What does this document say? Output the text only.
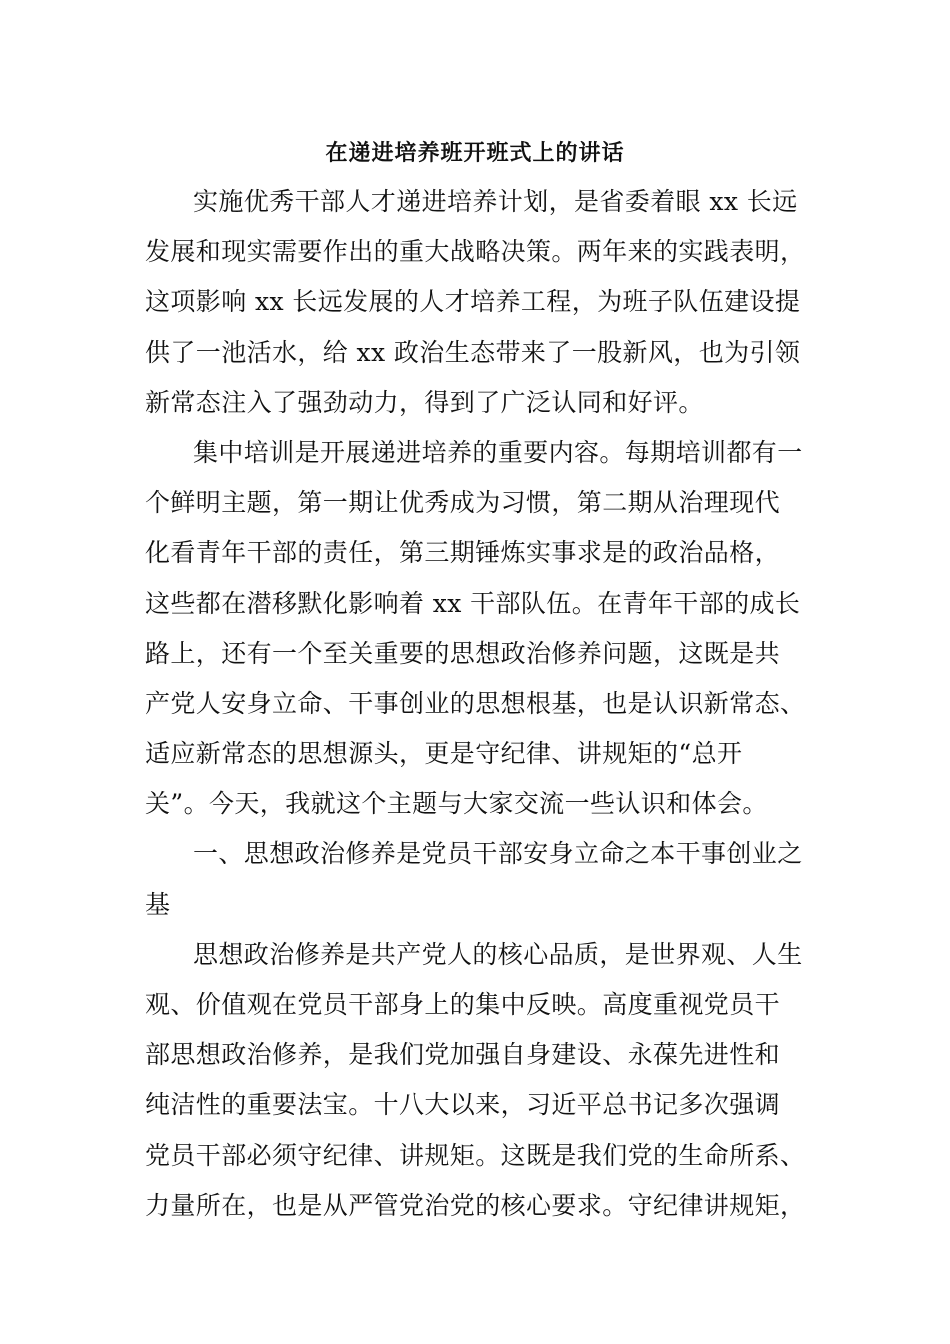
在递进培养班开班式上的讲话
实施优秀干部人才递进培养计划，是省委着眼 xx 长远
发展和现实需要作出的重大战略决策。两年来的实践表明，
这项影响 xx 长远发展的人才培养工程，为班子队伍建设提
供了一池活水，给 xx 政治生态带来了一股新风，也为引领
新常态注入了强劲动力，得到了广泛认同和好评。
集中培训是开展递进培养的重要内容。每期培训都有一
个鲜明主题，第一期让优秀成为习惯，第二期从治理现代
化看青年干部的责任，第三期锤炼实事求是的政治品格，
这些都在潜移默化影响着 xx 干部队伍。在青年干部的成长
路上，还有一个至关重要的思想政治修养问题，这既是共
产党人安身立命、干事创业的思想根基，也是认识新常态、
适应新常态的思想源头，更是守纪律、讲规矩的“总开
关”。今天，我就这个主题与大家交流一些认识和体会。
一、思想政治修养是党员干部安身立命之本干事创业之
基
思想政治修养是共产党人的核心品质，是世界观、人生
观、价值观在党员干部身上的集中反映。高度重视党员干
部思想政治修养，是我们党加强自身建设、永葆先进性和
纯洁性的重要法宝。十八大以来，习近平总书记多次强调
党员干部必须守纪律、讲规矩。这既是我们党的生命所系、
力量所在，也是从严管党治党的核心要求。守纪律讲规矩，
